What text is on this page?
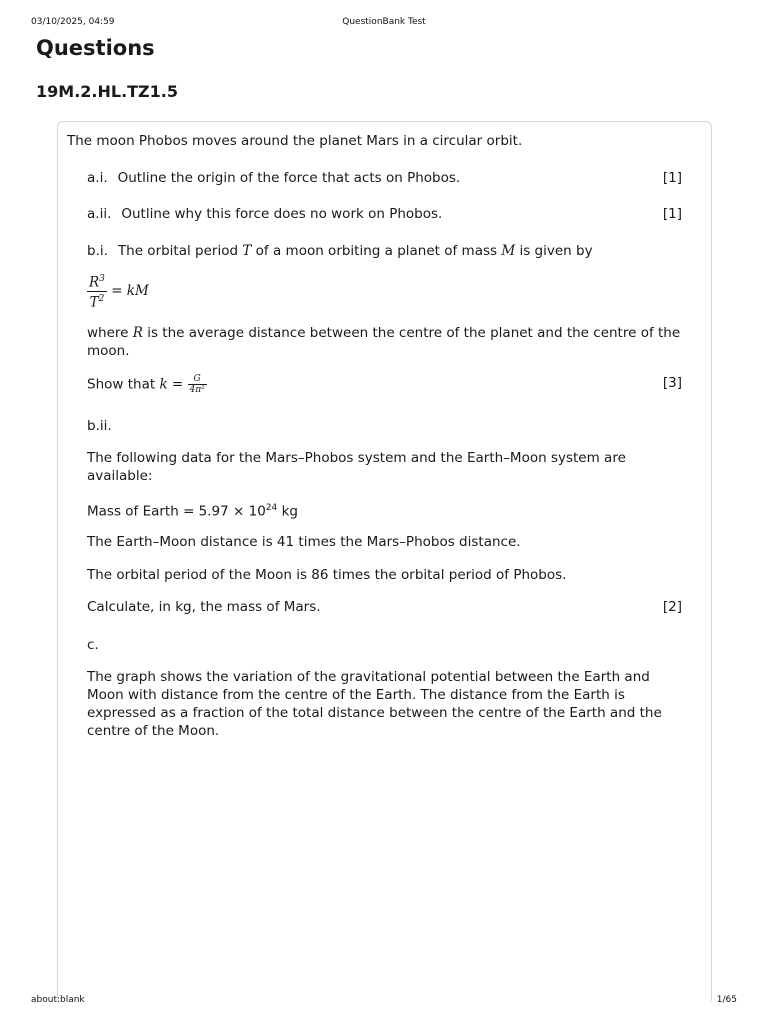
03/10/2025, 04:59	QuestionBank Test
Questions
19M.2.HL.TZ1.5
The moon Phobos moves around the planet Mars in a circular orbit.
a.i. Outline the origin of the force that acts on Phobos.	[1]
a.ii. Outline why this force does no work on Phobos.	[1]
b.i. The orbital period T of a moon orbiting a planet of mass M is given by
$\frac{R^3}{T^2}$ = kM
where R is the average distance between the centre of the planet and the centre of the moon.
Show that $k = \frac{G}{\text{4π²}}$	[3]
b.ii.
The following data for the Mars–Phobos system and the Earth–Moon system are available:
Mass of Earth = $5.97 \times 10^{24}$ kg
The Earth–Moon distance is 41 times the Mars–Phobos distance.
The orbital period of the Moon is 86 times the orbital period of Phobos.
Calculate, in kg, the mass of Mars.	[2]
c.
The graph shows the variation of the gravitational potential between the Earth and Moon with distance from the centre of the Earth. The distance from the Earth is expressed as a fraction of the total distance between the centre of the Earth and the centre of the Moon.
about:blank	1/65
